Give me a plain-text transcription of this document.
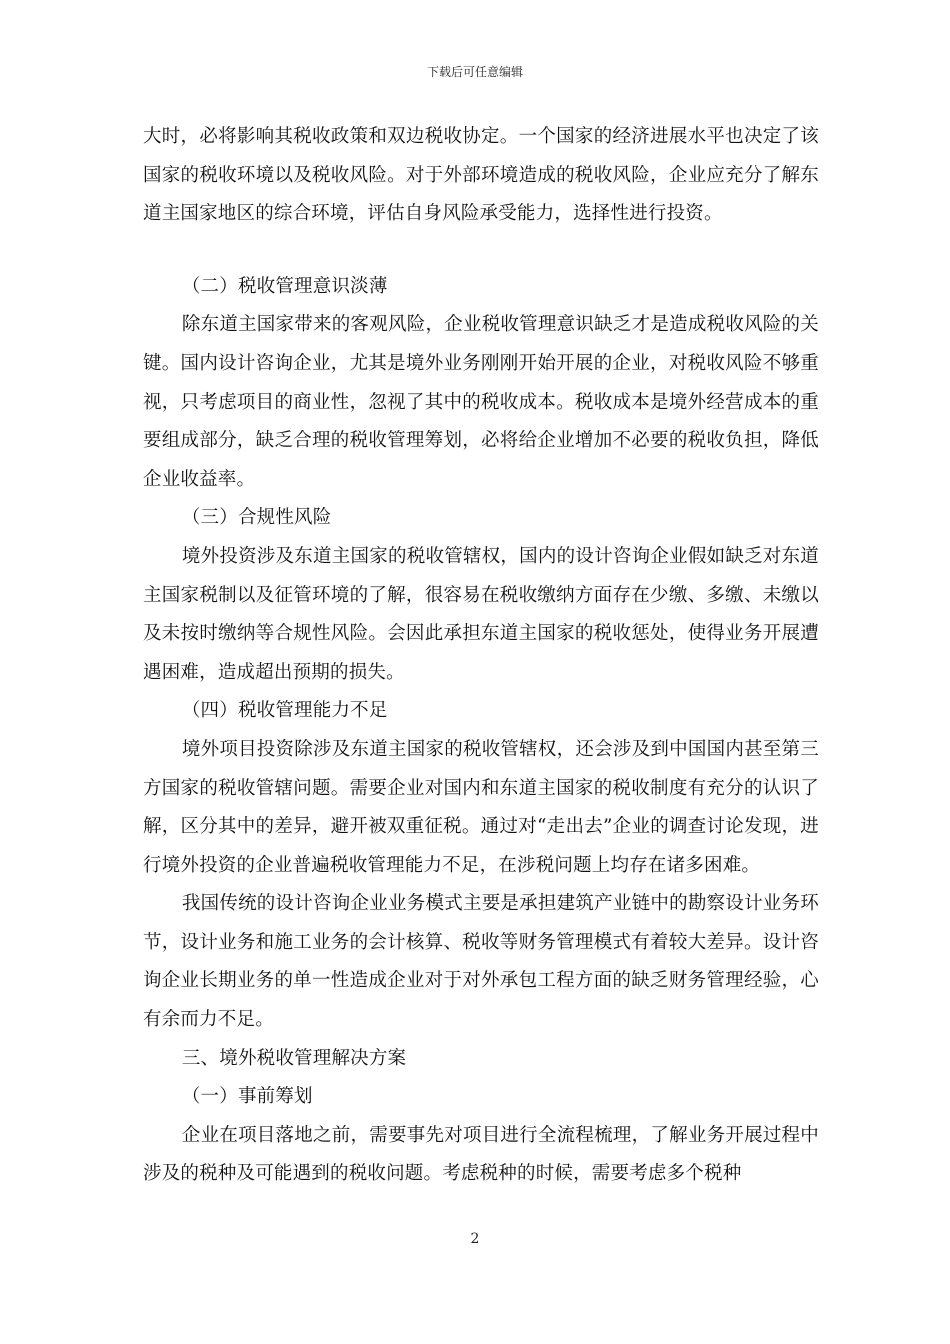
下载后可任意编辑

大时，必将影响其税收政策和双边税收协定。一个国家的经济进展水平也决定了该国家的税收环境以及税收风险。对于外部环境造成的税收风险，企业应充分了解东道主国家地区的综合环境，评估自身风险承受能力，选择性进行投资。

（二）税收管理意识淡薄

除东道主国家带来的客观风险，企业税收管理意识缺乏才是造成税收风险的关键。国内设计咨询企业，尤其是境外业务刚刚开始开展的企业，对税收风险不够重视，只考虑项目的商业性，忽视了其中的税收成本。税收成本是境外经营成本的重要组成部分，缺乏合理的税收管理筹划，必将给企业增加不必要的税收负担，降低企业收益率。

（三）合规性风险

境外投资涉及东道主国家的税收管辖权，国内的设计咨询企业假如缺乏对东道主国家税制以及征管环境的了解，很容易在税收缴纳方面存在少缴、多缴、未缴以及未按时缴纳等合规性风险。会因此承担东道主国家的税收惩处，使得业务开展遭遇困难，造成超出预期的损失。

（四）税收管理能力不足

境外项目投资除涉及东道主国家的税收管辖权，还会涉及到中国国内甚至第三方国家的税收管辖问题。需要企业对国内和东道主国家的税收制度有充分的认识了解，区分其中的差异，避开被双重征税。通过对“走出去”企业的调查讨论发现，进行境外投资的企业普遍税收管理能力不足，在涉税问题上均存在诸多困难。

我国传统的设计咨询企业业务模式主要是承担建筑产业链中的勘察设计业务环节，设计业务和施工业务的会计核算、税收等财务管理模式有着较大差异。设计咨询企业长期业务的单一性造成企业对于对外承包工程方面的缺乏财务管理经验，心有余而力不足。

三、境外税收管理解决方案

（一）事前筹划

企业在项目落地之前，需要事先对项目进行全流程梳理，了解业务开展过程中涉及的税种及可能遇到的税收问题。考虑税种的时候，需要考虑多个税种

2
